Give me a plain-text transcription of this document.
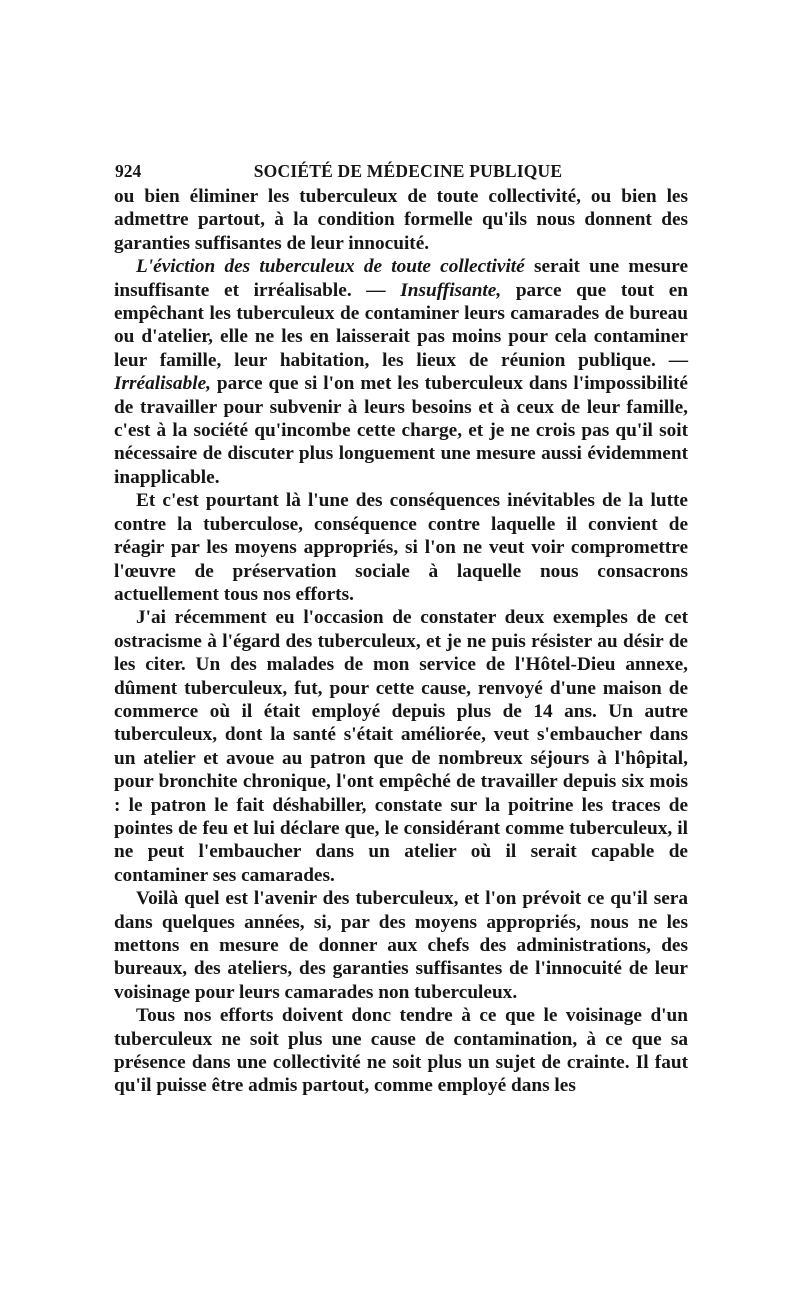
924	SOCIÉTÉ DE MÉDECINE PUBLIQUE

ou bien éliminer les tuberculeux de toute collectivité, ou bien les admettre partout, à la condition formelle qu'ils nous donnent des garanties suffisantes de leur innocuité.

L'éviction des tuberculeux de toute collectivité serait une mesure insuffisante et irréalisable. — Insuffisante, parce que tout en empêchant les tuberculeux de contaminer leurs camarades de bureau ou d'atelier, elle ne les en laisserait pas moins pour cela contaminer leur famille, leur habitation, les lieux de réunion publique. — Irréalisable, parce que si l'on met les tuberculeux dans l'impossibilité de travailler pour subvenir à leurs besoins et à ceux de leur famille, c'est à la société qu'incombe cette charge, et je ne crois pas qu'il soit nécessaire de discuter plus longuement une mesure aussi évidemment inapplicable.

Et c'est pourtant là l'une des conséquences inévitables de la lutte contre la tuberculose, conséquence contre laquelle il convient de réagir par les moyens appropriés, si l'on ne veut voir compromettre l'œuvre de préservation sociale à laquelle nous consacrons actuellement tous nos efforts.

J'ai récemment eu l'occasion de constater deux exemples de cet ostracisme à l'égard des tuberculeux, et je ne puis résister au désir de les citer. Un des malades de mon service de l'Hôtel-Dieu annexe, dûment tuberculeux, fut, pour cette cause, renvoyé d'une maison de commerce où il était employé depuis plus de 14 ans. Un autre tuberculeux, dont la santé s'était améliorée, veut s'embaucher dans un atelier et avoue au patron que de nombreux séjours à l'hôpital, pour bronchite chronique, l'ont empêché de travailler depuis six mois : le patron le fait déshabiller, constate sur la poitrine les traces de pointes de feu et lui déclare que, le considérant comme tuberculeux, il ne peut l'embaucher dans un atelier où il serait capable de contaminer ses camarades.

Voilà quel est l'avenir des tuberculeux, et l'on prévoit ce qu'il sera dans quelques années, si, par des moyens appropriés, nous ne les mettons en mesure de donner aux chefs des administrations, des bureaux, des ateliers, des garanties suffisantes de l'innocuité de leur voisinage pour leurs camarades non tuberculeux.

Tous nos efforts doivent donc tendre à ce que le voisinage d'un tuberculeux ne soit plus une cause de contamination, à ce que sa présence dans une collectivité ne soit plus un sujet de crainte. Il faut qu'il puisse être admis partout, comme employé dans les
